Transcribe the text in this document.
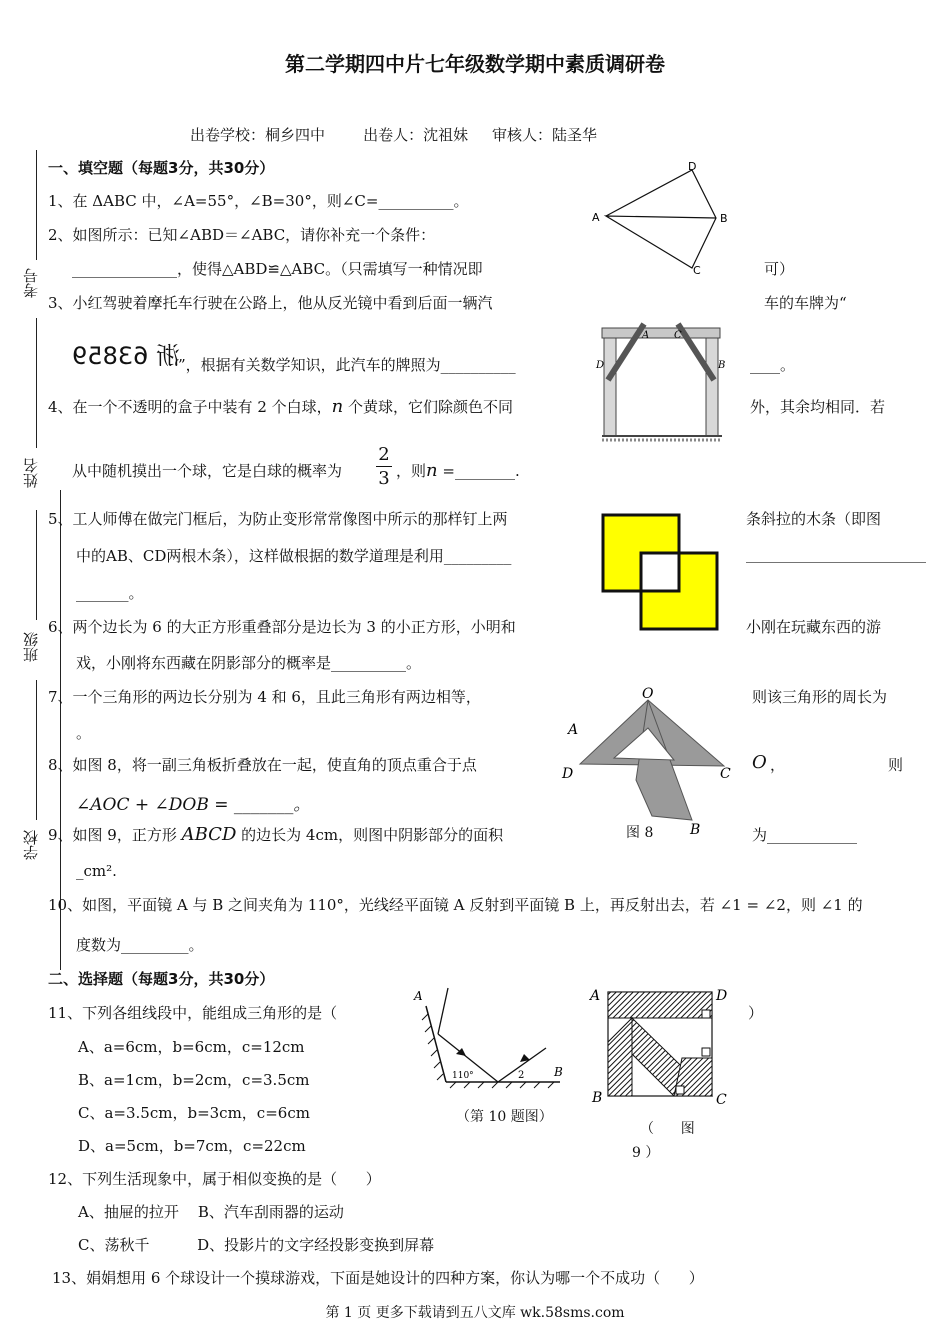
第二学期四中片七年级数学期中素质调研卷
出卷学校：桐乡四中        出卷人：沈祖妹     审核人：陆圣华
考号
姓名
班级
学校
一、填空题（每题3分，共30分）
1、在 ΔABC 中，∠A=55°，∠B=30°，则∠C=__________。
2、如图所示：已知∠ABD＝∠ABC，请你补充一个条件：
______________，使得△ABD≌△ABC。（只需填写一种情况即	可）
3、小红驾驶着摩托车行驶在公路上，他从反光镜中看到后面一辆汽	车的车牌为“
浙 63859
”，根据有关数学知识，此汽车的牌照为__________	____。
4、在一个不透明的盒子中装有 2 个白球，n 个黄球，它们除颜色不同	外，其余均相同．若
从中随机摸出一个球，它是白球的概率为
2
3 ，则n =________.
5、工人师傅在做完门框后，为防止变形常常像图中所示的那样钉上两	条斜拉的木条（即图
中的AB、CD两根木条），这样做根据的数学道理是利用_________	________________________
_______。
6、两个边长为 6 的大正方形重叠部分是边长为 3 的小正方形，小明和	小刚在玩藏东西的游
戏，小刚将东西藏在阴影部分的概率是__________。
7、一个三角形的两边长分别为 4 和 6，且此三角形有两边相等，	则该三角形的周长为
。
8、如图 8，将一副三角板折叠放在一起，使直角的顶点重合于点	O ，	则
∠AOC + ∠DOB = _______。
9、如图 9，正方形 ABCD 的边长为 4cm，则图中阴影部分的面积	为____________
_cm².
10、如图，平面镜 A 与 B 之间夹角为 110°，光线经平面镜 A 反射到平面镜 B 上，再反射出去，若 ∠1 = ∠2，则 ∠1 的
度数为_________。
二、选择题（每题3分，共30分）
11、下列各组线段中，能组成三角形的是（	）
A、a=6cm，b=6cm，c=12cm
B、a=1cm，b=2cm，c=3.5cm
C、a=3.5cm，b=3cm，c=6cm
D、a=5cm，b=7cm，c=22cm
12、下列生活现象中，属于相似变换的是（      ）
A、抽屉的拉开    B、汽车刮雨器的运动
C、荡秋千          D、投影片的文字经投影变换到屏幕
13、娟娟想用 6 个球设计一个摸球游戏，下面是她设计的四种方案，你认为哪一个不成功（      ）
D
A	B
C
D
A C
B
O
A
D	C
B
图 8
A
B
110°	2
（第 10 题图）
A	D
B	C
（      图
9 ）
第 1 页 更多下载请到五八文库 wk.58sms.com
